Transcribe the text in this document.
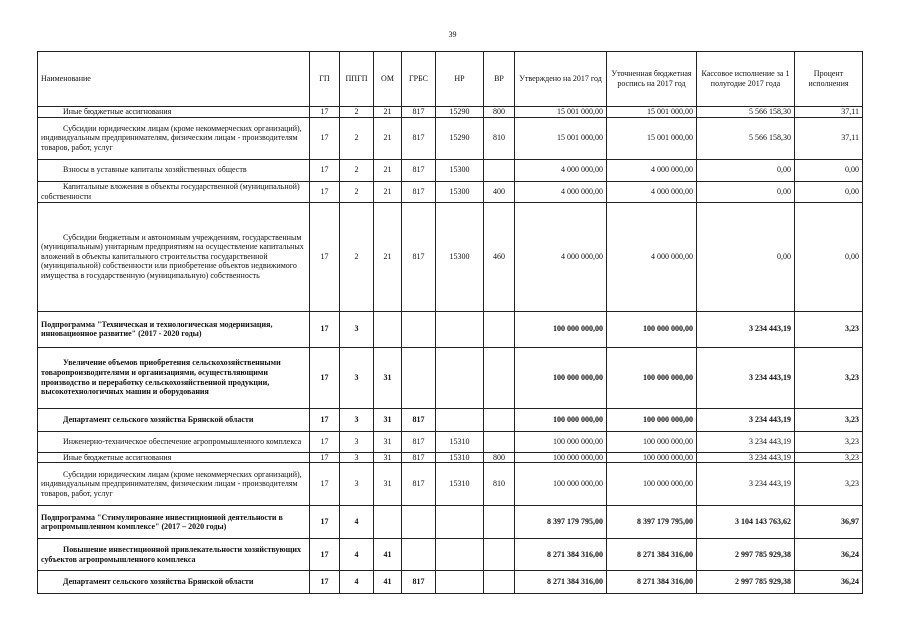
39
Наименование	ГП	ППГП	ОМ	ГРБС	НР	ВР	Утверждено на 2017 год	Уточненная бюджетная роспись на 2017 год	Кассовое исполнение за 1 полугодие 2017 года	Процент исполнения
Иные бюджетные ассигнования	17	2	21	817	15290	800	15 001 000,00	15 001 000,00	5 566 158,30	37,11
Субсидии юридическим лицам (кроме некоммерческих организаций), индивидуальным предпринимателям, физическим лицам - производителям товаров, работ, услуг	17	2	21	817	15290	810	15 001 000,00	15 001 000,00	5 566 158,30	37,11
Взносы в уставные капиталы хозяйственных обществ	17	2	21	817	15300		4 000 000,00	4 000 000,00	0,00	0,00
Капитальные вложения в объекты государственной (муниципальной) собственности	17	2	21	817	15300	400	4 000 000,00	4 000 000,00	0,00	0,00
Субсидии бюджетным и автономным учреждениям, государственным (муниципальным) унитарным предприятиям на осуществление капитальных вложений в объекты капитального строительства государственной (муниципальной) собственности или приобретение объектов недвижимого имущества в государственную (муниципальную) собственность	17	2	21	817	15300	460	4 000 000,00	4 000 000,00	0,00	0,00
Подпрограмма "Техническая и технологическая модернизация, инновационное развитие" (2017 - 2020 годы)	17	3					100 000 000,00	100 000 000,00	3 234 443,19	3,23
Увеличение объемов приобретения сельскохозяйственными товаропроизводителями и организациями, осуществляющими производство и переработку сельскохозяйственной продукции, высокотехнологичных машин и оборудования	17	3	31				100 000 000,00	100 000 000,00	3 234 443,19	3,23
Департамент сельского хозяйства Брянской области	17	3	31	817			100 000 000,00	100 000 000,00	3 234 443,19	3,23
Инженерно-техническое обеспечение агропромышленного комплекса	17	3	31	817	15310		100 000 000,00	100 000 000,00	3 234 443,19	3,23
Иные бюджетные ассигнования	17	3	31	817	15310	800	100 000 000,00	100 000 000,00	3 234 443,19	3,23
Субсидии юридическим лицам (кроме некоммерческих организаций), индивидуальным предпринимателям, физическим лицам - производителям товаров, работ, услуг	17	3	31	817	15310	810	100 000 000,00	100 000 000,00	3 234 443,19	3,23
Подпрограмма "Стимулирование инвестиционной деятельности в агропромышленном комплексе" (2017 – 2020 годы)	17	4					8 397 179 795,00	8 397 179 795,00	3 104 143 763,62	36,97
Повышение инвестиционной привлекательности хозяйствующих субъектов агропромышленного комплекса	17	4	41				8 271 384 316,00	8 271 384 316,00	2 997 785 929,38	36,24
Департамент сельского хозяйства Брянской области	17	4	41	817			8 271 384 316,00	8 271 384 316,00	2 997 785 929,38	36,24
